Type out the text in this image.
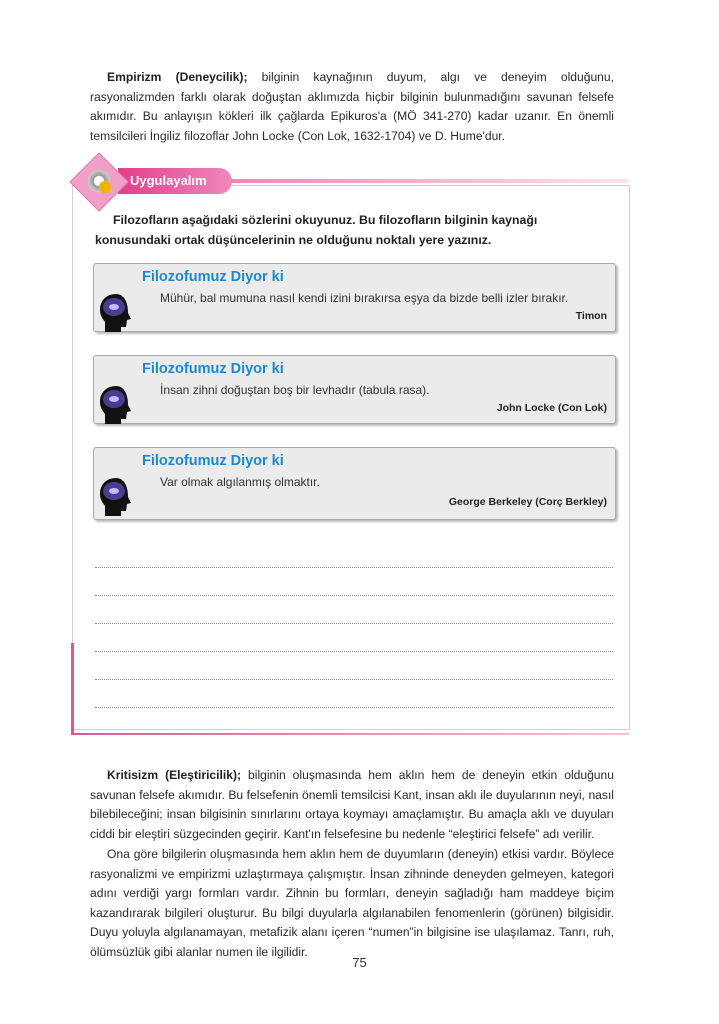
Empirizm (Deneycilik); bilginin kaynağının duyum, algı ve deneyim olduğunu, rasyonalizmden farklı olarak doğuştan aklımızda hiçbir bilginin bulunmadığını savunan felsefe akımıdır. Bu anlayışın kökleri ilk çağlarda Epikuros'a (MÖ 341-270) kadar uzanır. En önemli temsilcileri İngiliz filozoflar John Locke (Con Lok, 1632-1704) ve D. Hume'dur.
Uygulayalım
Filozofların aşağıdaki sözlerini okuyunuz. Bu filozofların bilginin kaynağı konusundaki ortak düşüncelerinin ne olduğunu noktalı yere yazınız.
Filozofumuz Diyor ki
Mühür, bal mumuna nasıl kendi izini bırakırsa eşya da bizde belli izler bırakır.
Timon
Filozofumuz Diyor ki
İnsan zihni doğuştan boş bir levhadır (tabula rasa).
John Locke (Con Lok)
Filozofumuz Diyor ki
Var olmak algılanmış olmaktır.
George Berkeley (Corç Berkley)
Kritisizm (Eleştiricilik); bilginin oluşmasında hem aklın hem de deneyin etkin olduğunu savunan felsefe akımıdır. Bu felsefenin önemli temsilcisi Kant, insan aklı ile duyularının neyi, nasıl bilebileceğini; insan bilgisinin sınırlarını ortaya koymayı amaçlamıştır. Bu amaçla aklı ve duyuları ciddi bir eleştiri süzgecinden geçirir. Kant'ın felsefesine bu nedenle “eleştirici felsefe” adı verilir.
Ona göre bilgilerin oluşmasında hem aklın hem de duyumların (deneyin) etkisi vardır. Böylece rasyonalizmi ve empirizmi uzlaştırmaya çalışmıştır. İnsan zihninde deneyden gelmeyen, kategori adını verdiği yargı formları vardır. Zihnin bu formları, deneyin sağladığı ham maddeye biçim kazandırarak bilgileri oluşturur. Bu bilgi duyularla algılanabilen fenomenlerin (görünen) bilgisidir. Duyu yoluyla algılanamayan, metafizik alanı içeren “numen”in bilgisine ise ulaşılamaz. Tanrı, ruh, ölümsüzlük gibi alanlar numen ile ilgilidir.
75
